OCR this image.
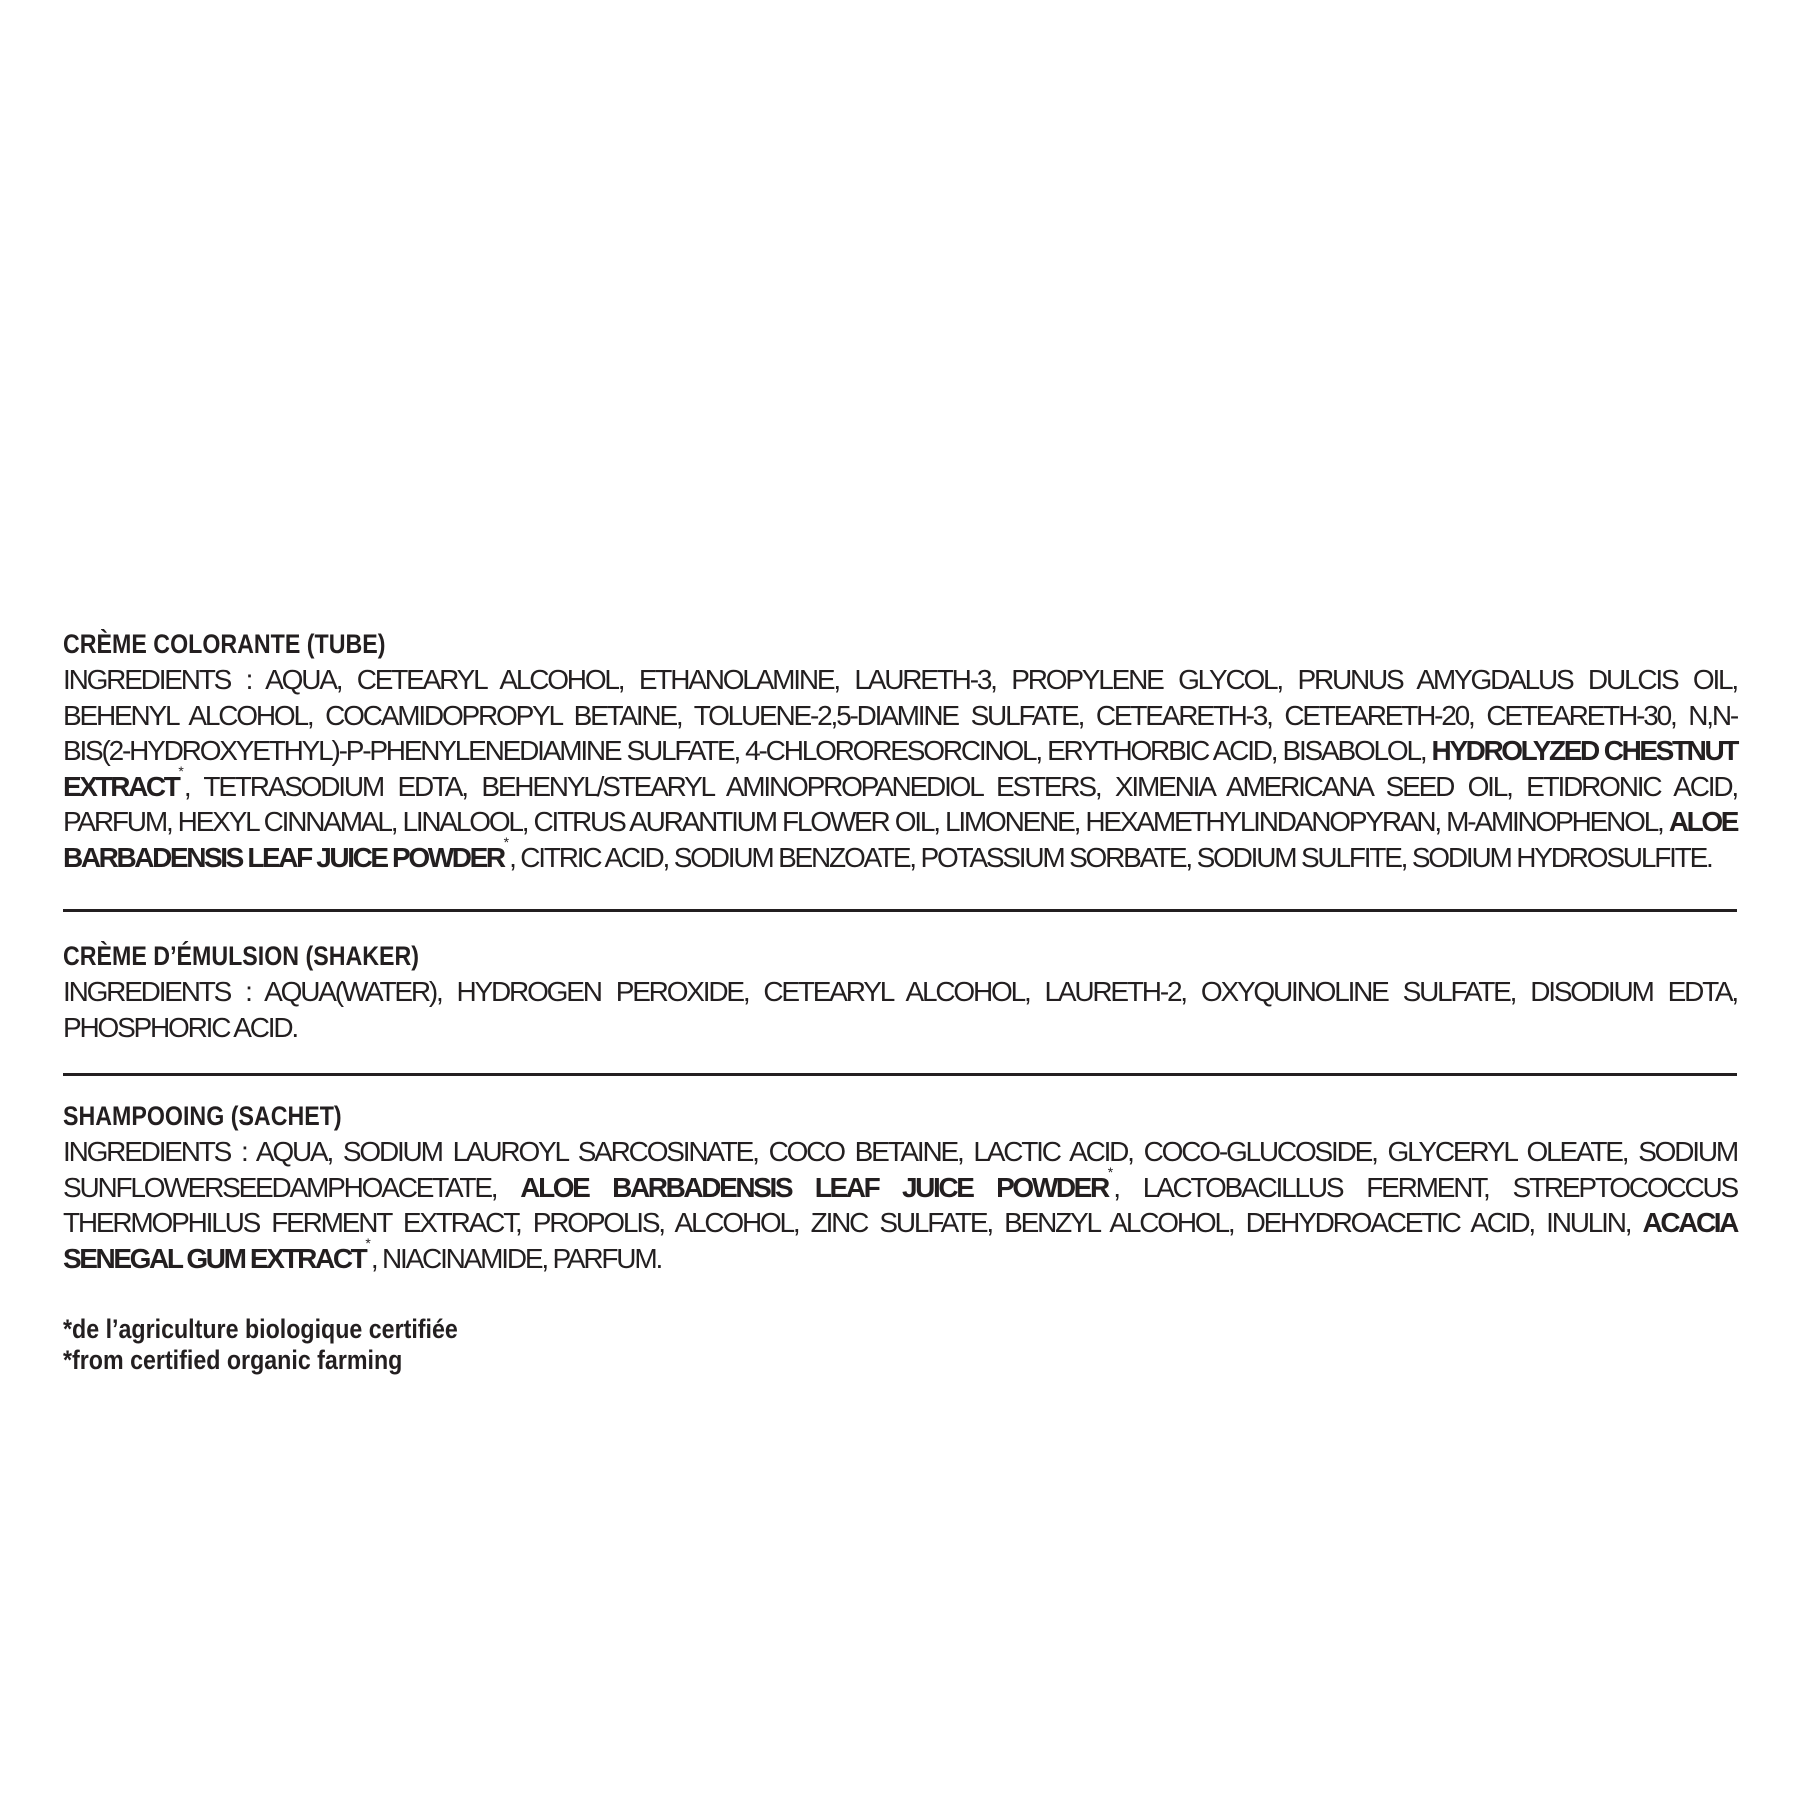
CRÈME COLORANTE (TUBE)

INGREDIENTS : AQUA, CETEARYL ALCOHOL, ETHANOLAMINE, LAURETH-3, PROPYLENE GLYCOL, PRUNUS AMYGDALUS DULCIS OIL, BEHENYL ALCOHOL, COCAMIDOPROPYL BETAINE, TOLUENE-2,5-DIAMINE SULFATE, CETEARETH-3, CETEARETH-20, CETEARETH-30, N,N-BIS(2-HYDROXYETHYL)-P-PHENYLENEDIAMINE SULFATE, 4-CHLORORESORCINOL, ERYTHORBIC ACID, BISABOLOL, HYDROLYZED CHESTNUT EXTRACT*, TETRASODIUM EDTA, BEHENYL/STEARYL AMINOPROPANEDIOL ESTERS, XIMENIA AMERICANA SEED OIL, ETIDRONIC ACID, PARFUM, HEXYL CINNAMAL, LINALOOL, CITRUS AURANTIUM FLOWER OIL, LIMONENE, HEXAMETHYLINDANOPYRAN, M-AMINOPHENOL, ALOE BARBADENSIS LEAF JUICE POWDER*, CITRIC ACID, SODIUM BENZOATE, POTASSIUM SORBATE, SODIUM SULFITE, SODIUM HYDROSULFITE.

CRÈME D’ÉMULSION (SHAKER)

INGREDIENTS : AQUA(WATER), HYDROGEN PEROXIDE, CETEARYL ALCOHOL, LAURETH-2, OXYQUINOLINE SULFATE, DISODIUM EDTA, PHOSPHORIC ACID.

SHAMPOOING (SACHET)

INGREDIENTS : AQUA, SODIUM LAUROYL SARCOSINATE, COCO BETAINE, LACTIC ACID, COCO-GLUCOSIDE, GLYCERYL OLEATE, SODIUM SUNFLOWERSEEDAMPHOACETATE, ALOE BARBADENSIS LEAF JUICE POWDER*, LACTOBACILLUS FERMENT, STREPTOCOCCUS THERMOPHILUS FERMENT EXTRACT, PROPOLIS, ALCOHOL, ZINC SULFATE, BENZYL ALCOHOL, DEHYDROACETIC ACID, INULIN, ACACIA SENEGAL GUM EXTRACT*, NIACINAMIDE, PARFUM.

*de l’agriculture biologique certifiée
*from certified organic farming
